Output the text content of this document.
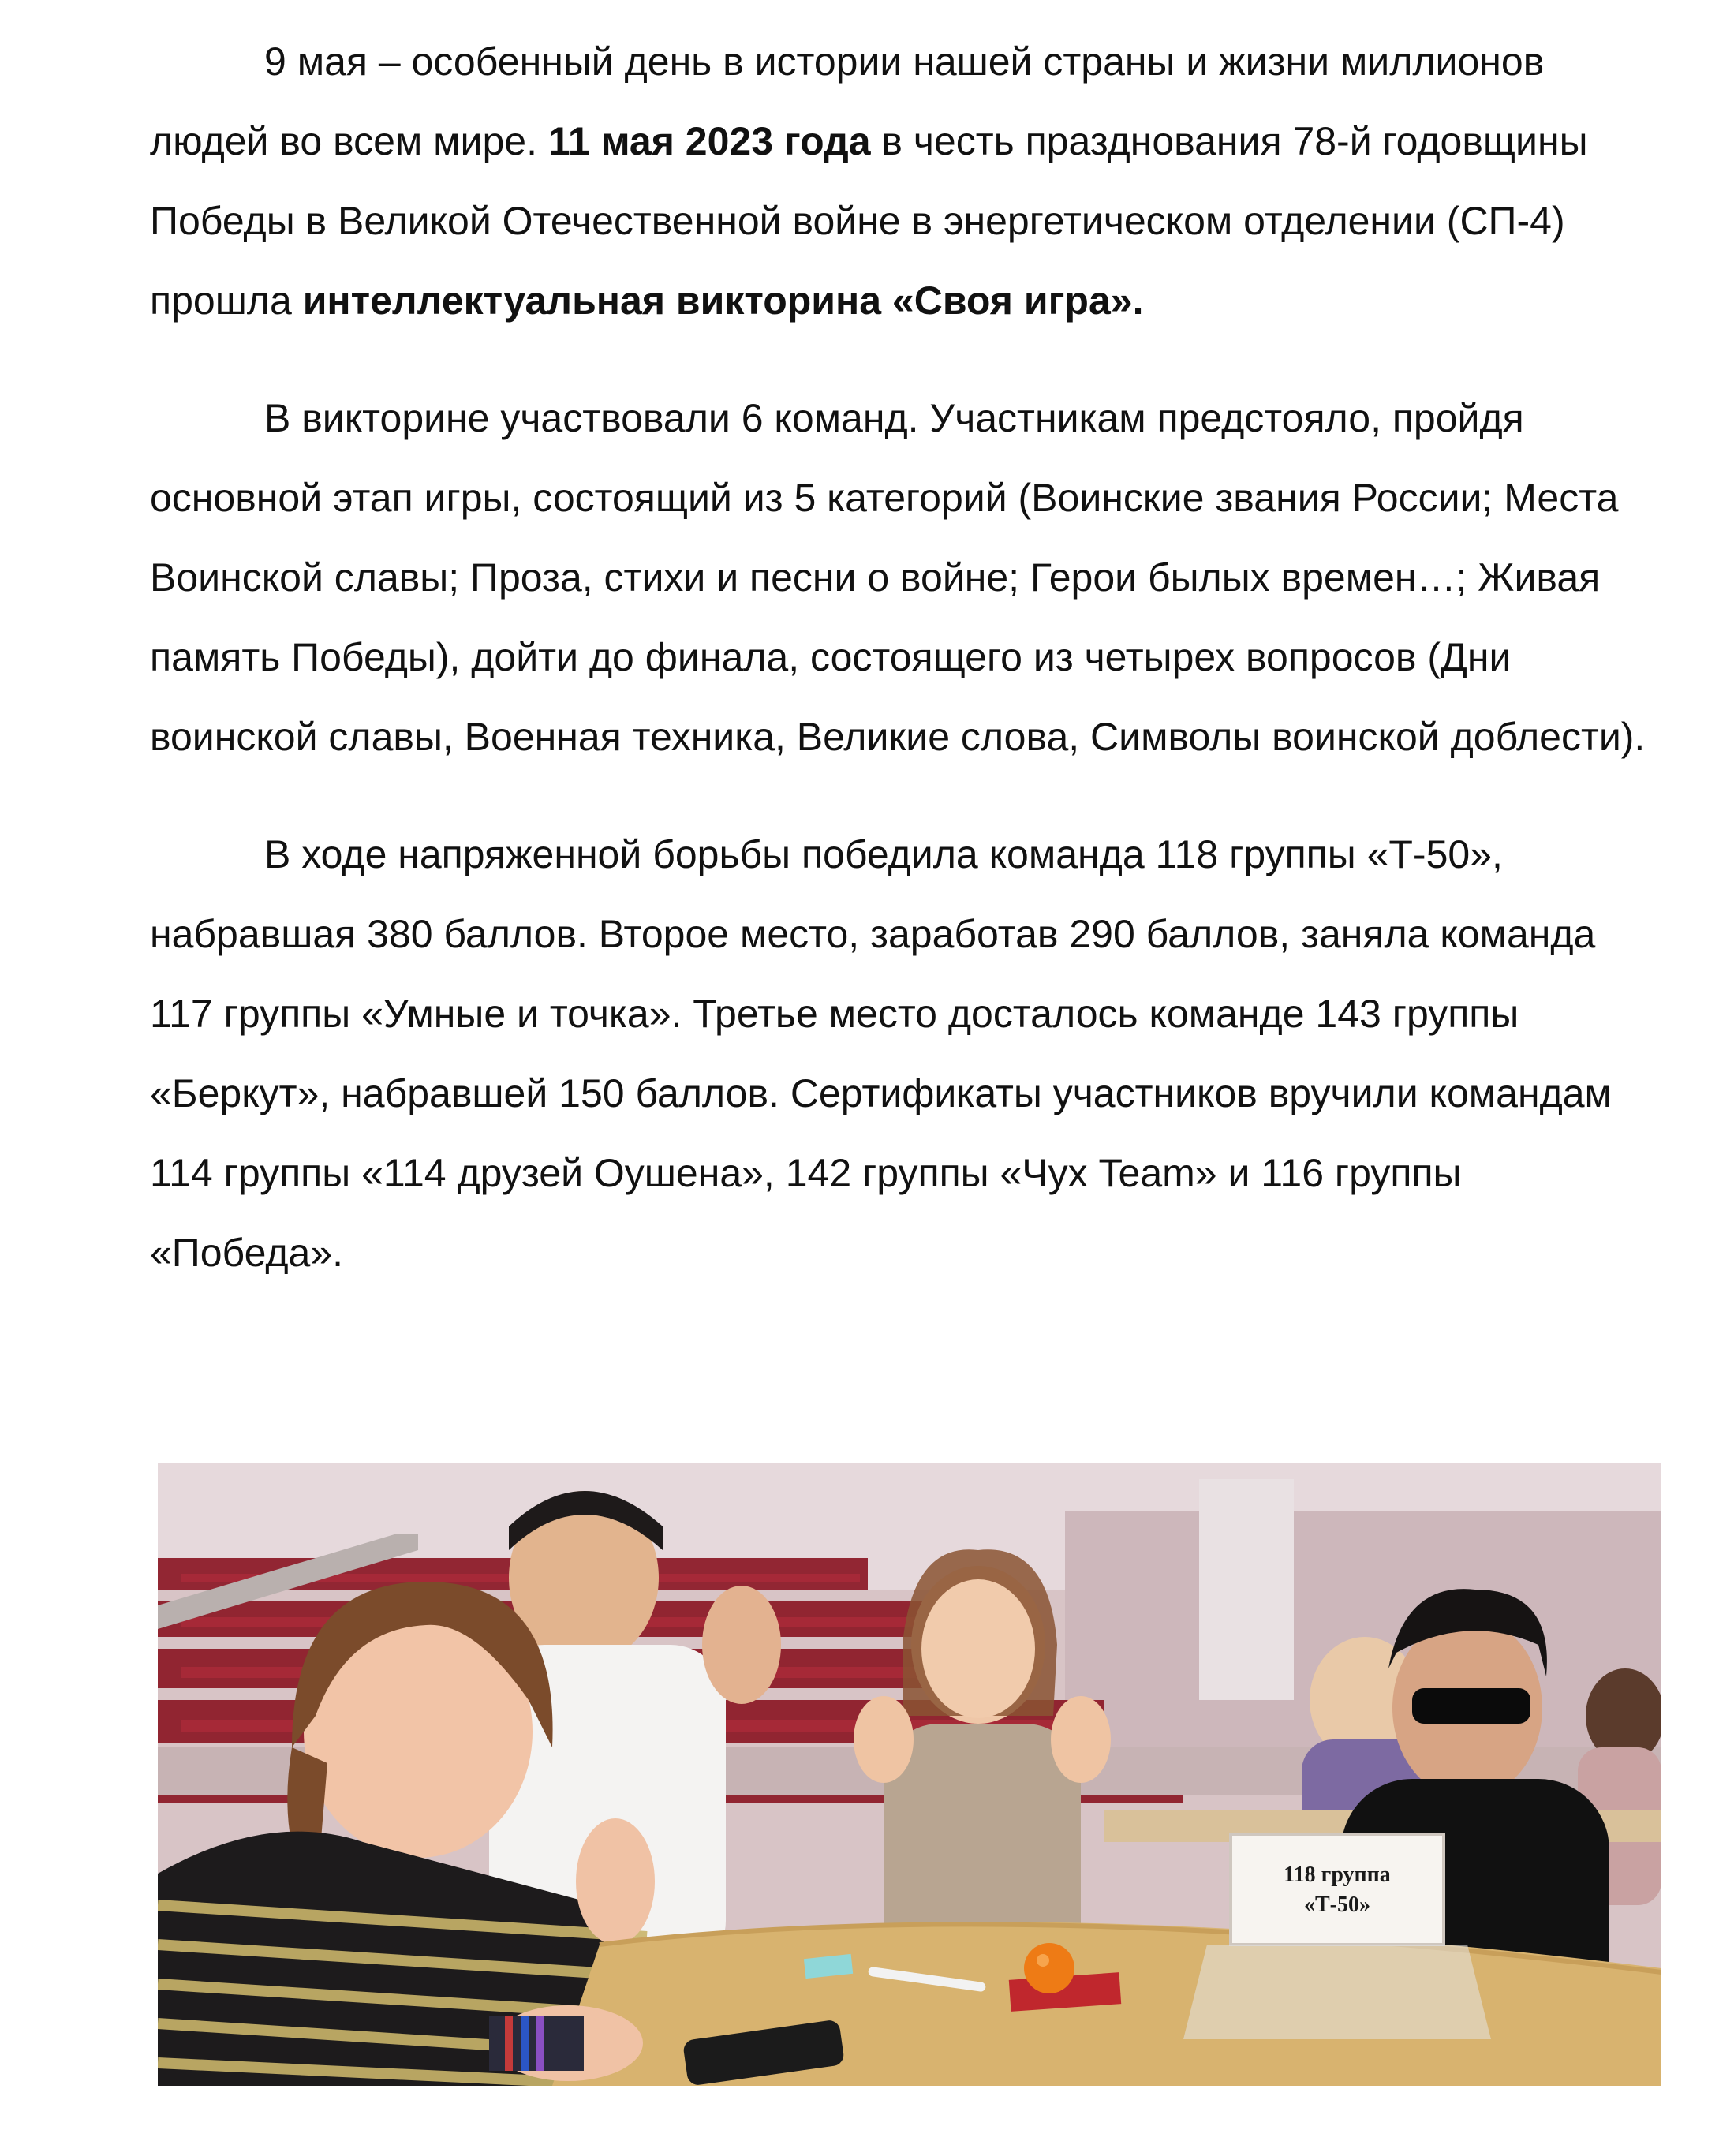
9 мая – особенный день в истории нашей страны и жизни миллионов людей во всем мире. 11 мая 2023 года в честь празднования 78-й годовщины Победы в Великой Отечественной войне в энергетическом отделении (СП-4) прошла интеллектуальная викторина «Своя игра».

В викторине участвовали 6 команд. Участникам предстояло, пройдя основной этап игры, состоящий из 5 категорий (Воинские звания России; Места Воинской славы; Проза, стихи и песни о войне; Герои былых времен…; Живая память Победы), дойти до финала, состоящего из четырех вопросов (Дни воинской славы, Военная техника, Великие слова, Символы воинской доблести).

В ходе напряженной борьбы победила команда 118 группы «Т-50», набравшая 380 баллов. Второе место, заработав 290 баллов, заняла команда 117 группы «Умные и точка». Третье место досталось команде 143 группы «Беркут», набравшей 150 баллов. Сертификаты участников вручили командам 114 группы «114 друзей Оушена», 142 группы «Чух Team» и 116 группы «Победа».

118 группа
«Т-50»
